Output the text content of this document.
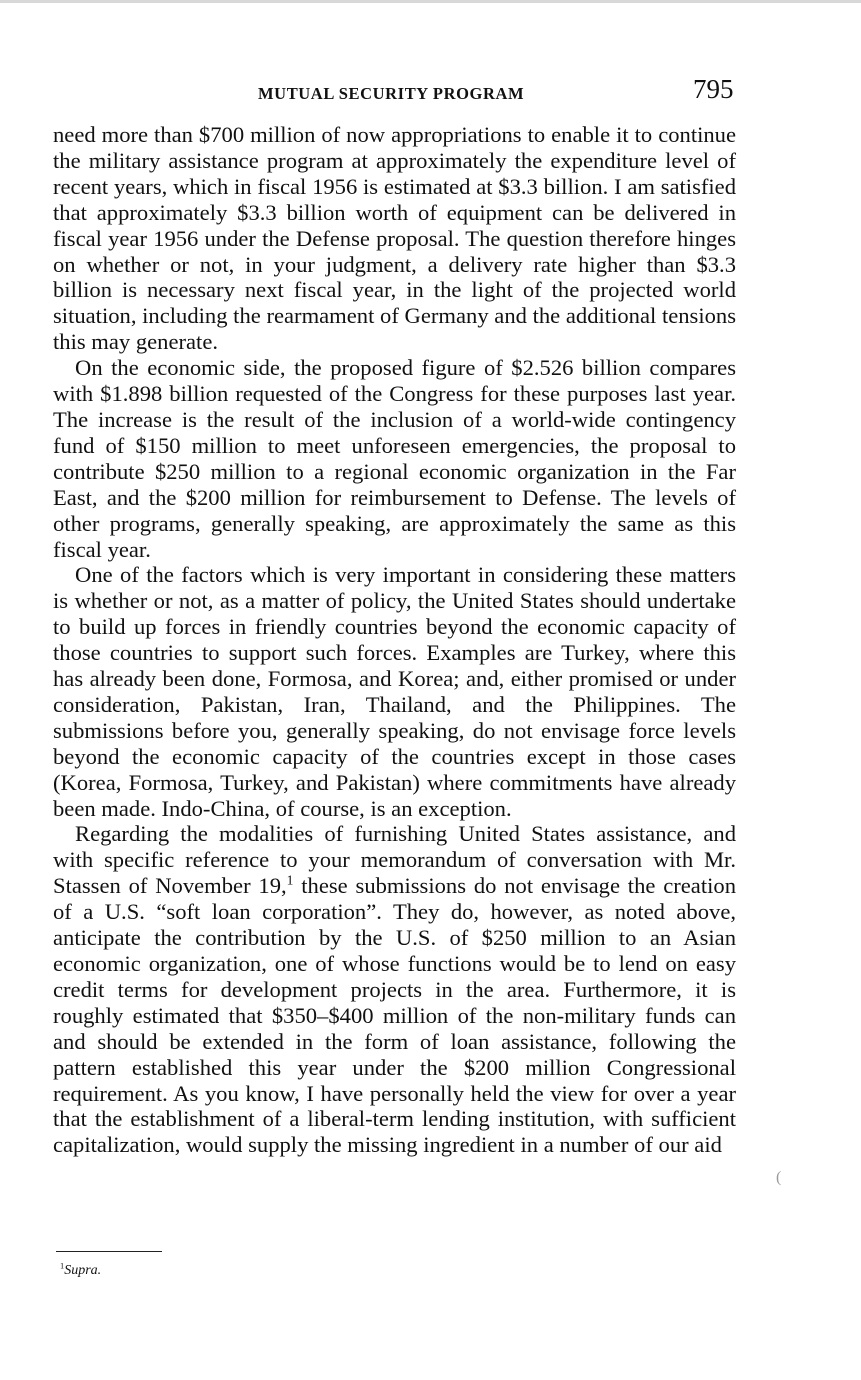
MUTUAL SECURITY PROGRAM	795

need more than $700 million of now appropriations to enable it to continue the military assistance program at approximately the expenditure level of recent years, which in fiscal 1956 is estimated at $3.3 billion. I am satisfied that approximately $3.3 billion worth of equipment can be delivered in fiscal year 1956 under the Defense proposal. The question therefore hinges on whether or not, in your judgment, a delivery rate higher than $3.3 billion is necessary next fiscal year, in the light of the projected world situation, including the rearmament of Germany and the additional tensions this may generate.

On the economic side, the proposed figure of $2.526 billion compares with $1.898 billion requested of the Congress for these purposes last year. The increase is the result of the inclusion of a world-wide contingency fund of $150 million to meet unforeseen emergencies, the proposal to contribute $250 million to a regional economic organization in the Far East, and the $200 million for reimbursement to Defense. The levels of other programs, generally speaking, are approximately the same as this fiscal year.

One of the factors which is very important in considering these matters is whether or not, as a matter of policy, the United States should undertake to build up forces in friendly countries beyond the economic capacity of those countries to support such forces. Examples are Turkey, where this has already been done, Formosa, and Korea; and, either promised or under consideration, Pakistan, Iran, Thailand, and the Philippines. The submissions before you, generally speaking, do not envisage force levels beyond the economic capacity of the countries except in those cases (Korea, Formosa, Turkey, and Pakistan) where commitments have already been made. Indo-China, of course, is an exception.

Regarding the modalities of furnishing United States assistance, and with specific reference to your memorandum of conversation with Mr. Stassen of November 19,$^1$ these submissions do not envisage the creation of a U.S. “soft loan corporation”. They do, however, as noted above, anticipate the contribution by the U.S. of $250 million to an Asian economic organization, one of whose functions would be to lend on easy credit terms for development projects in the area. Furthermore, it is roughly estimated that $350–$400 million of the non-military funds can and should be extended in the form of loan assistance, following the pattern established this year under the $200 million Congressional requirement. As you know, I have personally held the view for over a year that the establishment of a liberal-term lending institution, with sufficient capitalization, would supply the missing ingredient in a number of our aid

(
$^1$Supra.
